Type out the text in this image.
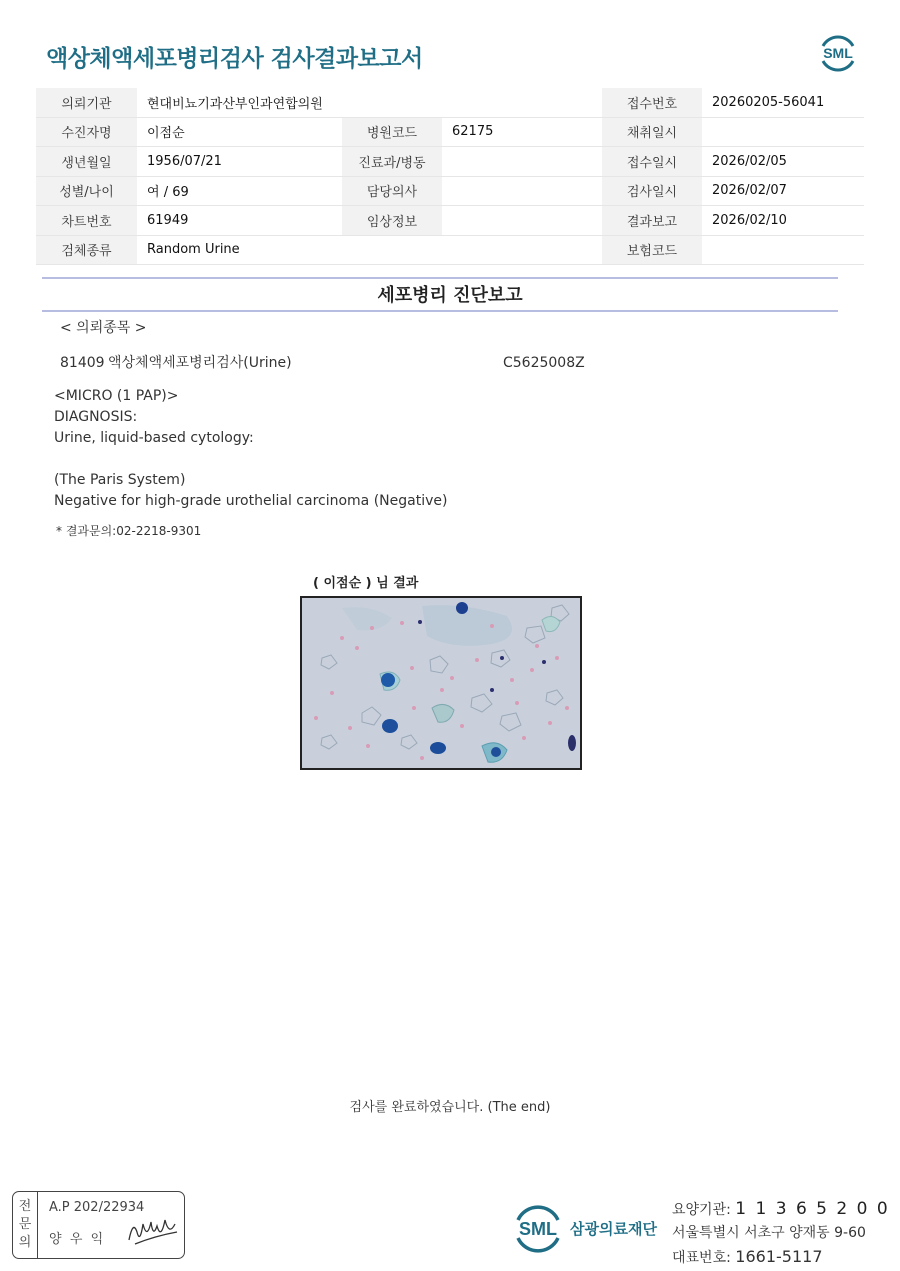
액상체액세포병리검사 검사결과보고서	SML
의뢰기관	현대비뇨기과산부인과연합의원			접수번호	20260205-56041
수진자명	이점순	병원코드	62175	채취일시	
생년월일	1956/07/21	진료과/병동		접수일시	2026/02/05
성별/나이	여 / 69	담당의사		검사일시	2026/02/07
차트번호	61949	임상정보		결과보고	2026/02/10
검체종류	Random Urine			보험코드	
세포병리 진단보고
< 의뢰종목 >
81409 액상체액세포병리검사(Urine)	C5625008Z
<MICRO (1 PAP)>
DIAGNOSIS:
Urine, liquid-based cytology:
(The Paris System)
Negative for high-grade urothelial carcinoma (Negative)
* 결과문의:02-2218-9301
( 이점순 ) 님 결과
검사를 완료하였습니다. (The end)
전
문
의
A.P 202/22934
양  우  익
SML 삼광의료재단
요양기관: 1 1 3 6 5 2 0 0
서울특별시 서초구 양재동 9-60
대표번호: 1661-5117
